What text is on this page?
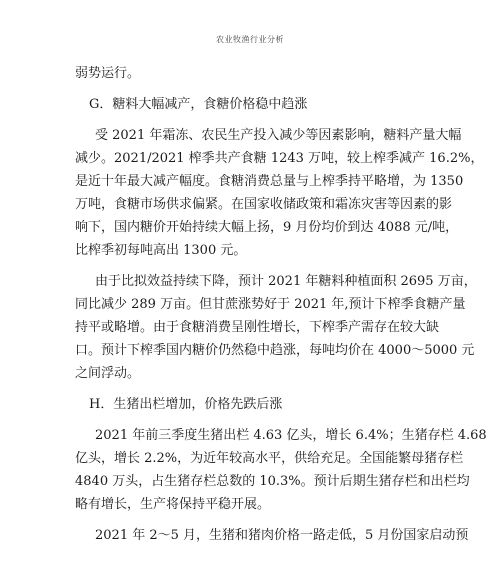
农业牧渔行业分析
弱势运行。
G．糖料大幅减产，食糖价格稳中趋涨
受 2021 年霜冻、农民生产投入减少等因素影响，糖料产量大幅
减少。2021/2021 榨季共产食糖 1243 万吨，较上榨季减产 16.2%，
是近十年最大减产幅度。食糖消费总量与上榨季持平略增，为 1350
万吨，食糖市场供求偏紧。在国家收储政策和霜冻灾害等因素的影
响下，国内糖价开始持续大幅上扬，9 月份均价到达 4088 元/吨，
比榨季初每吨高出 1300 元。
由于比拟效益持续下降，预计 2021 年糖料种植面积 2695 万亩，
同比减少 289 万亩。但甘蔗涨势好于 2021 年,预计下榨季食糖产量
持平或略增。由于食糖消费呈刚性增长，下榨季产需存在较大缺
口。预计下榨季国内糖价仍然稳中趋涨，每吨均价在 4000～5000 元
之间浮动。
H．生猪出栏增加，价格先跌后涨
2021 年前三季度生猪出栏 4.63 亿头，增长 6.4%；生猪存栏 4.68
亿头，增长 2.2%，为近年较高水平，供给充足。全国能繁母猪存栏
4840 万头，占生猪存栏总数的 10.3%。预计后期生猪存栏和出栏均
略有增长，生产将保持平稳开展。
2021 年 2～5 月，生猪和猪肉价格一路走低，5 月份国家启动预
